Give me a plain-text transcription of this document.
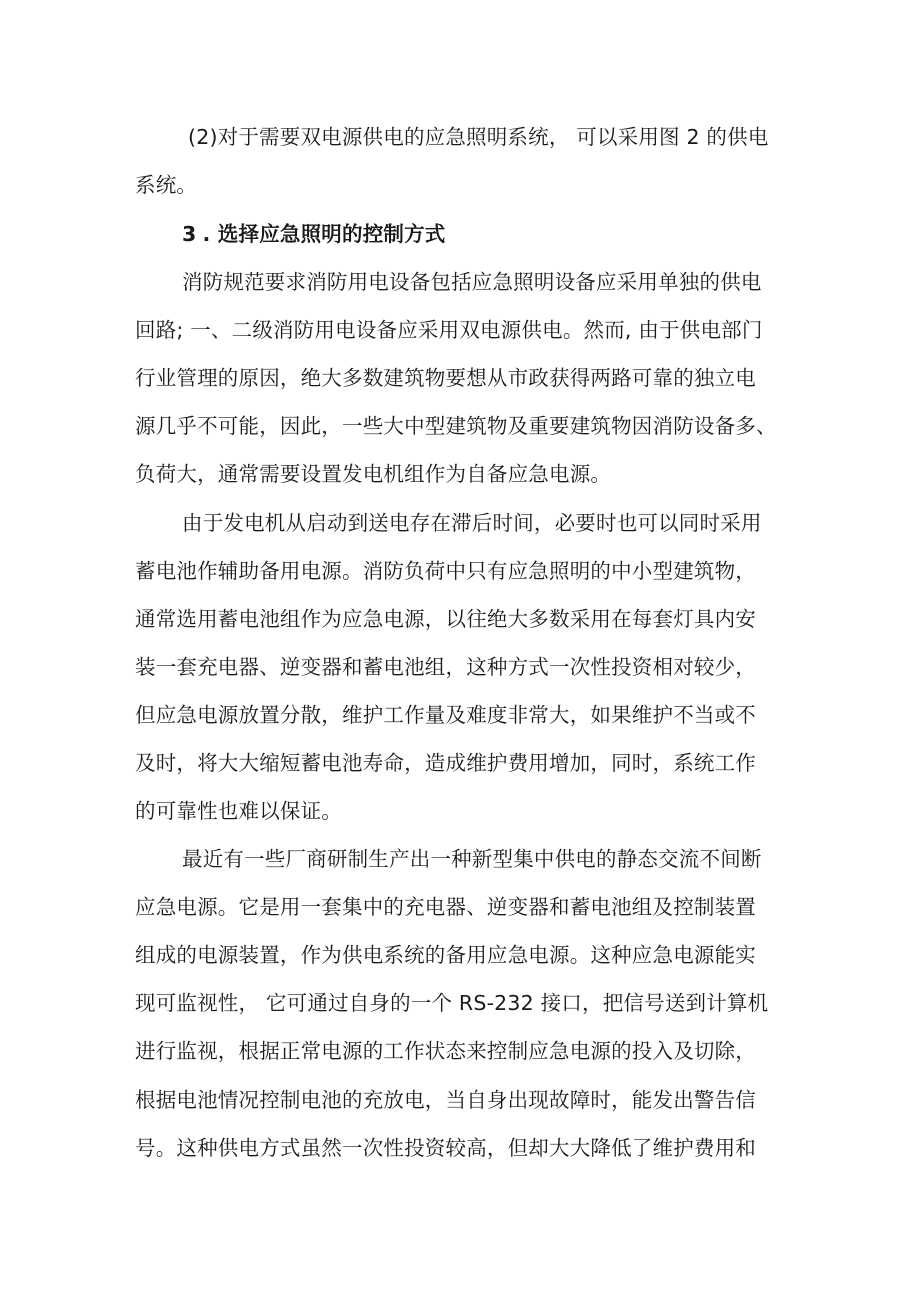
(2)对于需要双电源供电的应急照明系统， 可以采用图 2 的供电
系统。
3 . 选择应急照明的控制方式
消防规范要求消防用电设备包括应急照明设备应采用单独的供电
回路; 一、二级消防用电设备应采用双电源供电。然而, 由于供电部门
行业管理的原因，绝大多数建筑物要想从市政获得两路可靠的独立电
源几乎不可能，因此，一些大中型建筑物及重要建筑物因消防设备多、
负荷大，通常需要设置发电机组作为自备应急电源。
由于发电机从启动到送电存在滞后时间，必要时也可以同时采用
蓄电池作辅助备用电源。消防负荷中只有应急照明的中小型建筑物，
通常选用蓄电池组作为应急电源，以往绝大多数采用在每套灯具内安
装一套充电器、逆变器和蓄电池组，这种方式一次性投资相对较少，
但应急电源放置分散，维护工作量及难度非常大，如果维护不当或不
及时，将大大缩短蓄电池寿命，造成维护费用增加，同时，系统工作
的可靠性也难以保证。
最近有一些厂商研制生产出一种新型集中供电的静态交流不间断
应急电源。它是用一套集中的充电器、逆变器和蓄电池组及控制装置
组成的电源装置，作为供电系统的备用应急电源。这种应急电源能实
现可监视性， 它可通过自身的一个 RS-232 接口，把信号送到计算机
进行监视，根据正常电源的工作状态来控制应急电源的投入及切除，
根据电池情况控制电池的充放电，当自身出现故障时，能发出警告信
号。这种供电方式虽然一次性投资较高，但却大大降低了维护费用和
